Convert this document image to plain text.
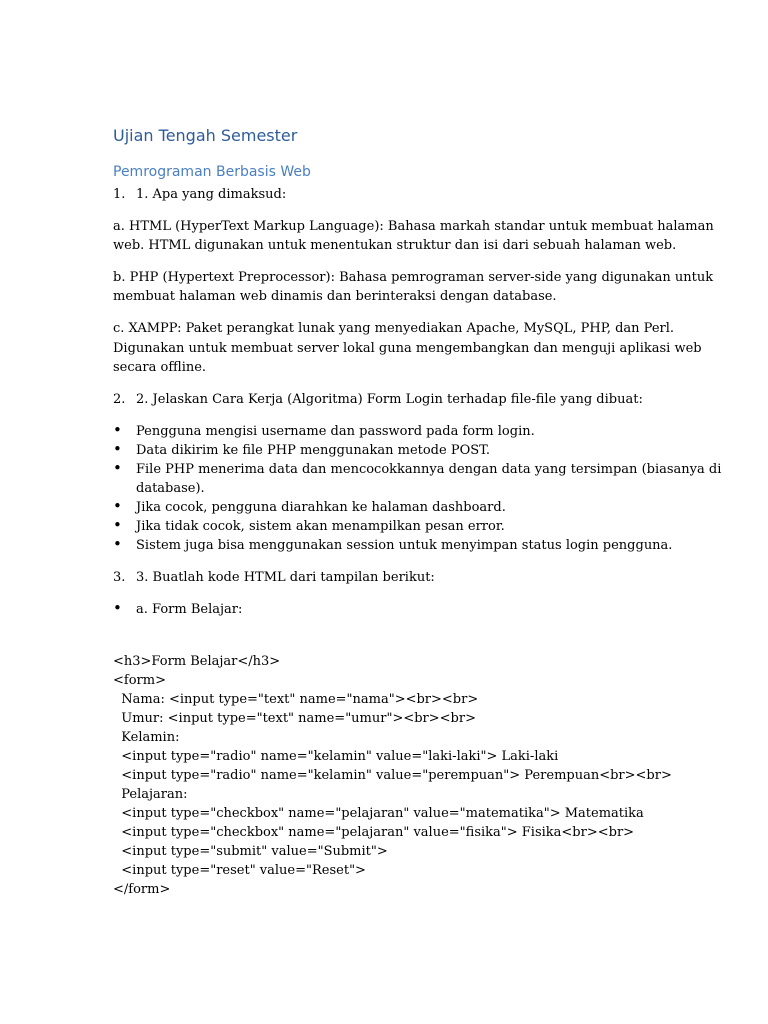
Ujian Tengah Semester
Pemrograman Berbasis Web
1. 1. Apa yang dimaksud:
a. HTML (HyperText Markup Language): Bahasa markah standar untuk membuat halaman
web. HTML digunakan untuk menentukan struktur dan isi dari sebuah halaman web.
b. PHP (Hypertext Preprocessor): Bahasa pemrograman server-side yang digunakan untuk
membuat halaman web dinamis dan berinteraksi dengan database.
c. XAMPP: Paket perangkat lunak yang menyediakan Apache, MySQL, PHP, dan Perl.
Digunakan untuk membuat server lokal guna mengembangkan dan menguji aplikasi web
secara offline.
2. 2. Jelaskan Cara Kerja (Algoritma) Form Login terhadap file-file yang dibuat:
• Pengguna mengisi username dan password pada form login.
• Data dikirim ke file PHP menggunakan metode POST.
• File PHP menerima data dan mencocokkannya dengan data yang tersimpan (biasanya di
database).
• Jika cocok, pengguna diarahkan ke halaman dashboard.
• Jika tidak cocok, sistem akan menampilkan pesan error.
• Sistem juga bisa menggunakan session untuk menyimpan status login pengguna.
3. 3. Buatlah kode HTML dari tampilan berikut:
• a. Form Belajar:
<h3>Form Belajar</h3>
<form>
Nama: <input type="text" name="nama"><br><br>
Umur: <input type="text" name="umur"><br><br>
Kelamin:
<input type="radio" name="kelamin" value="laki-laki"> Laki-laki
<input type="radio" name="kelamin" value="perempuan"> Perempuan<br><br>
Pelajaran:
<input type="checkbox" name="pelajaran" value="matematika"> Matematika
<input type="checkbox" name="pelajaran" value="fisika"> Fisika<br><br>
<input type="submit" value="Submit">
<input type="reset" value="Reset">
</form>
